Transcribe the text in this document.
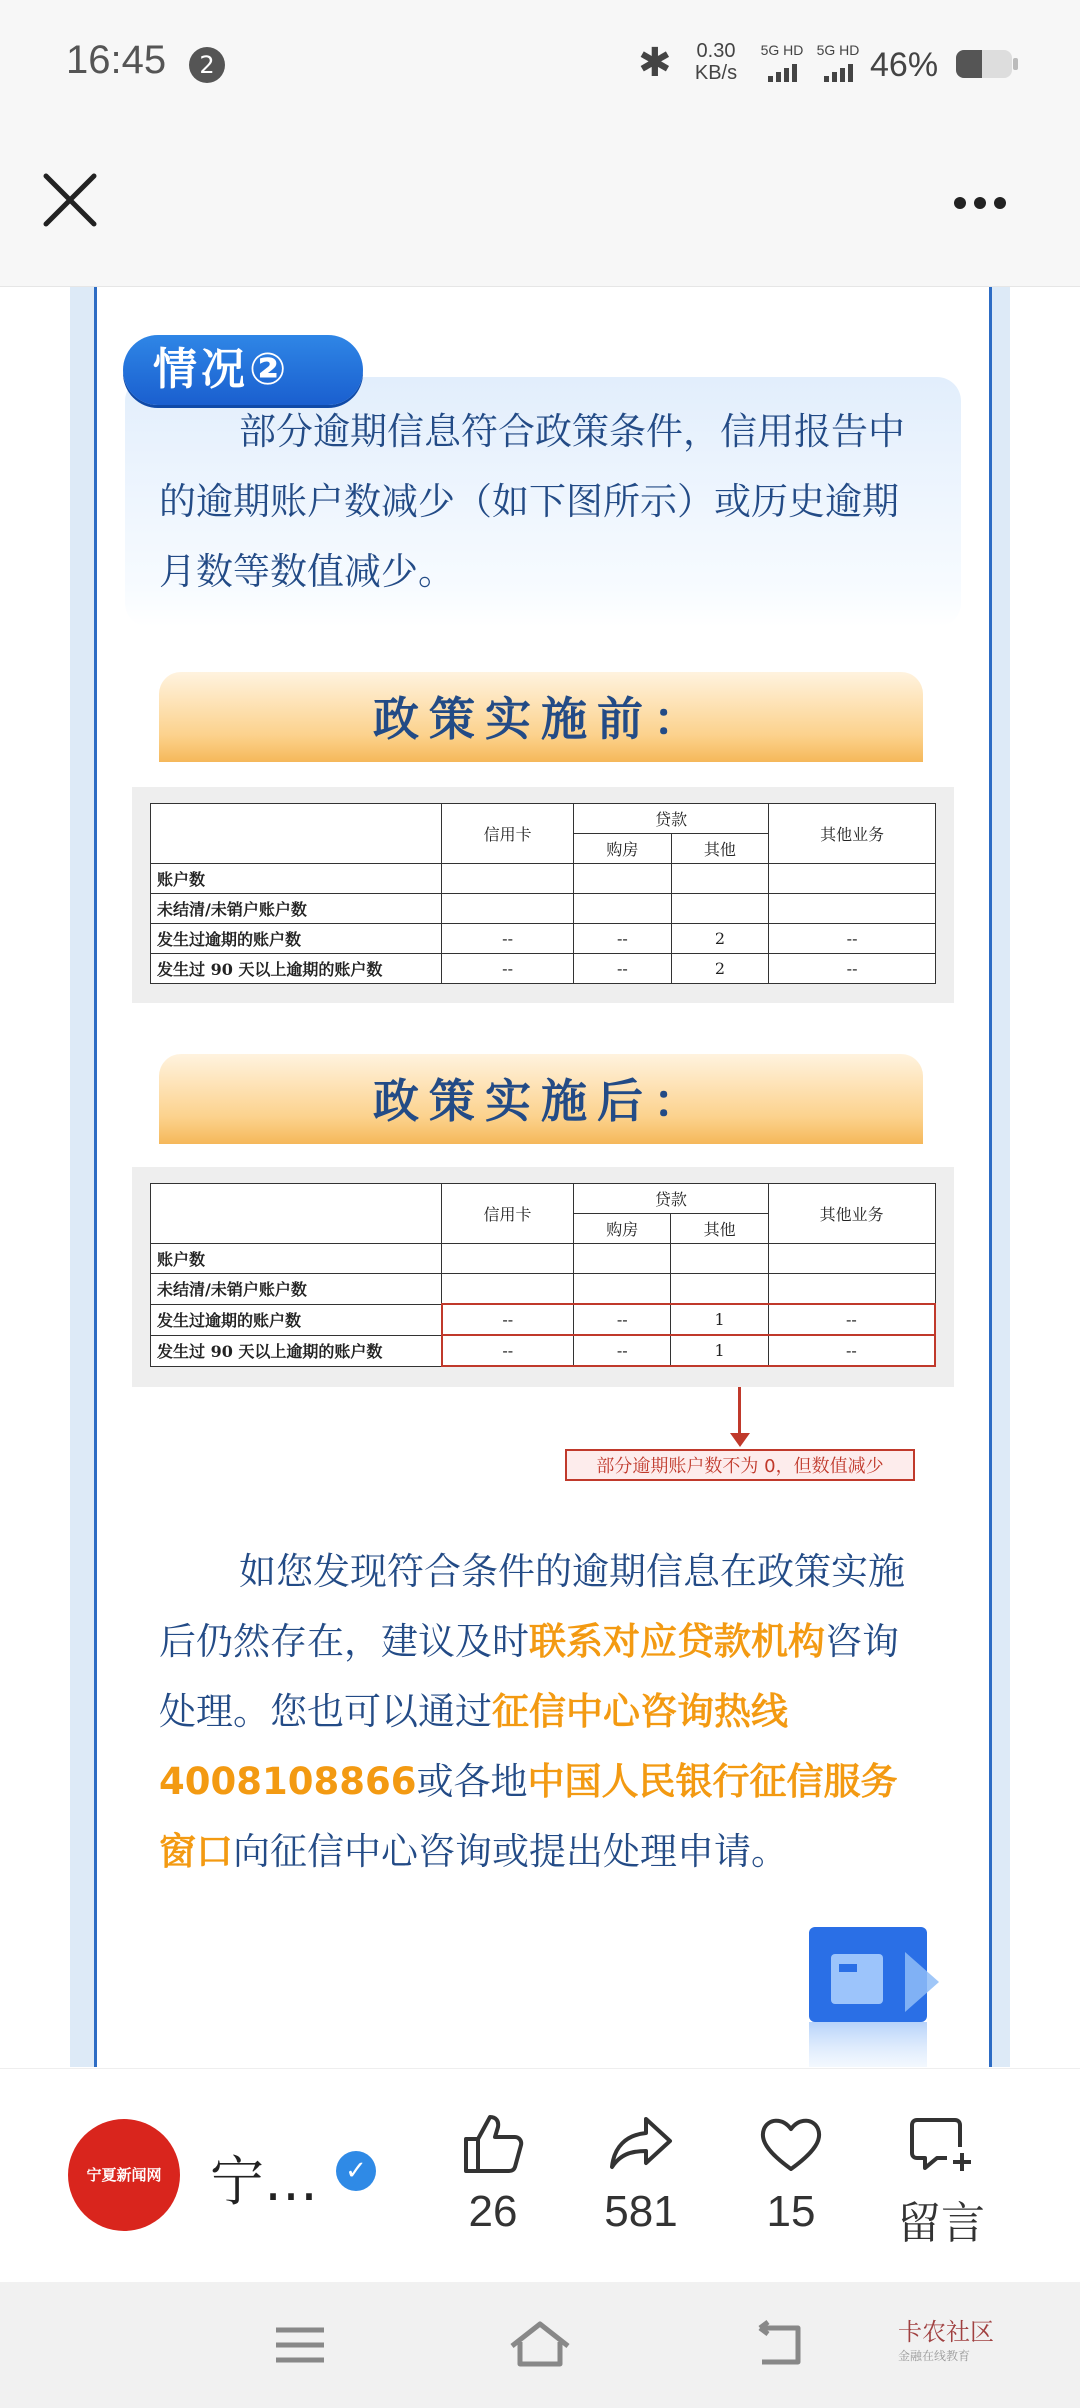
16:45	2	✱	0.30
KB/s
5G HD 5G HD 46%
情况②
部分逾期信息符合政策条件，信用报告中的逾期账户数减少（如下图所示）或历史逾期月数等数值减少。
政策实施前：
	信用卡	贷款		其他业务
		购房	其他	
账户数				
未结清/未销户账户数				
发生过逾期的账户数	--	--	2	--
发生过 90 天以上逾期的账户数	--	--	2	--
政策实施后：
	信用卡	贷款		其他业务
		购房	其他	
账户数				
未结清/未销户账户数				
发生过逾期的账户数	--	--	1	--
发生过 90 天以上逾期的账户数	--	--	1	--
部分逾期账户数不为 0，但数值减少
如您发现符合条件的逾期信息在政策实施后仍然存在，建议及时联系对应贷款机构咨询处理。您也可以通过征信中心咨询热线4008108866或各地中国人民银行征信服务窗口向征信中心咨询或提出处理申请。
宁夏新闻网 宁…	✓
26	581	15	留言
卡农社区
金融在线教育
